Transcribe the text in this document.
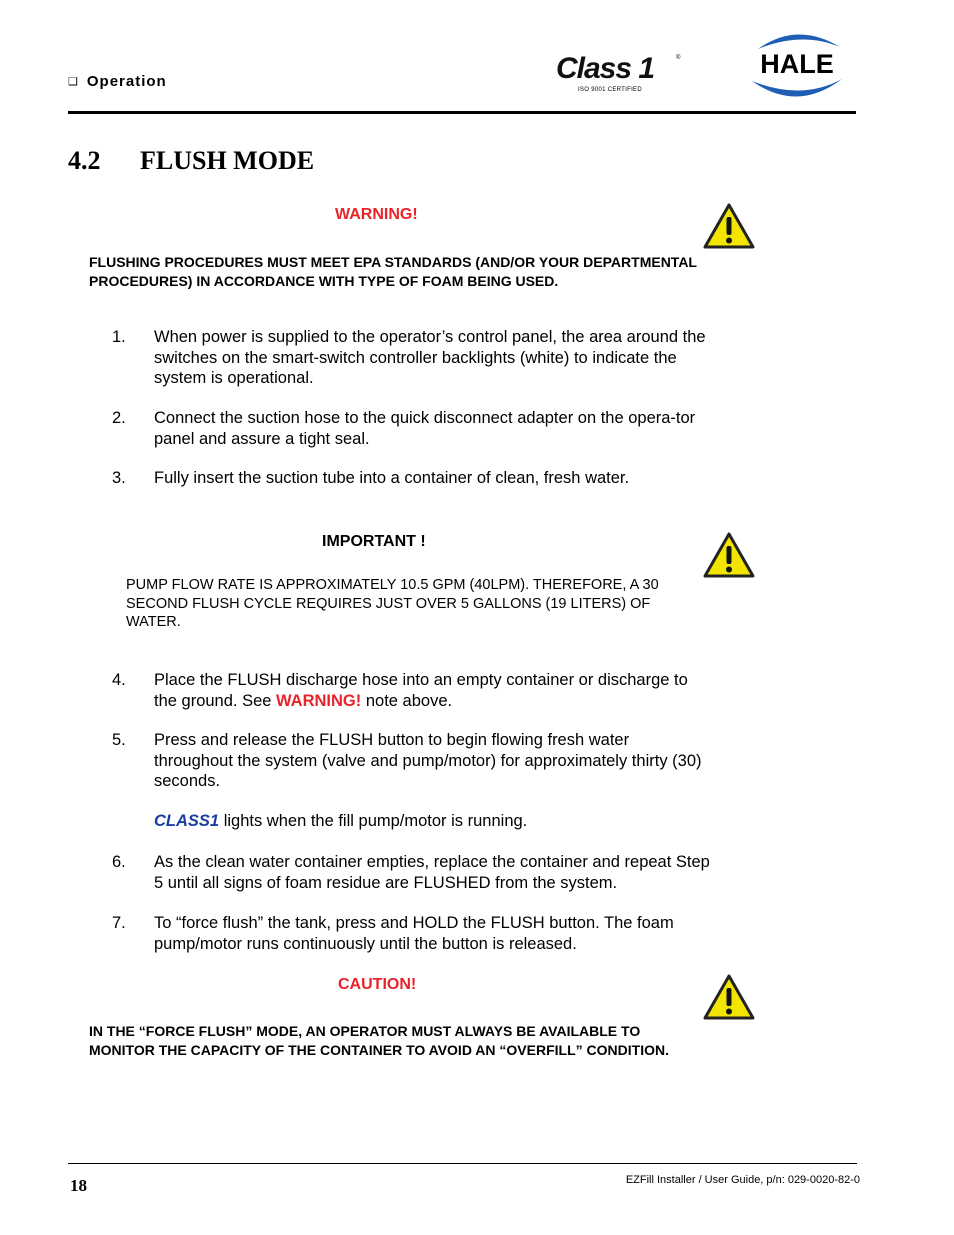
❑ Operation	Class 1	®
ISO 9001 CERTIFIED
HALE
4.2 FLUSH MODE
WARNING!
FLUSHING PROCEDURES MUST MEET EPA STANDARDS (AND/OR YOUR DEPARTMENTAL PROCEDURES) IN ACCORDANCE WITH TYPE OF FOAM BEING USED.
1. When power is supplied to the operator’s control panel, the area around the switches on the smart-switch controller backlights (white) to indicate the system is operational.
2. Connect the suction hose to the quick disconnect adapter on the opera-tor panel and assure a tight seal.
3. Fully insert the suction tube into a container of clean, fresh water.
IMPORTANT !
PUMP FLOW RATE IS APPROXIMATELY 10.5 GPM (40LPM). THEREFORE, A 30 SECOND FLUSH CYCLE REQUIRES JUST OVER 5 GALLONS (19 LITERS) OF WATER.
4. Place the FLUSH discharge hose into an empty container or discharge to the ground. See WARNING! note above.
5. Press and release the FLUSH button to begin flowing fresh water throughout the system (valve and pump/motor) for approximately thirty (30) seconds.
CLASS1 lights when the fill pump/motor is running.
6. As the clean water container empties, replace the container and repeat Step 5 until all signs of foam residue are FLUSHED from the system.
7. To “force flush” the tank, press and HOLD the FLUSH button. The foam pump/motor runs continuously until the button is released.
CAUTION!
IN THE “FORCE FLUSH” MODE, AN OPERATOR MUST ALWAYS BE AVAILABLE TO MONITOR THE CAPACITY OF THE CONTAINER TO AVOID AN “OVERFILL” CONDITION.
18	EZFill Installer / User Guide, p/n: 029-0020-82-0
